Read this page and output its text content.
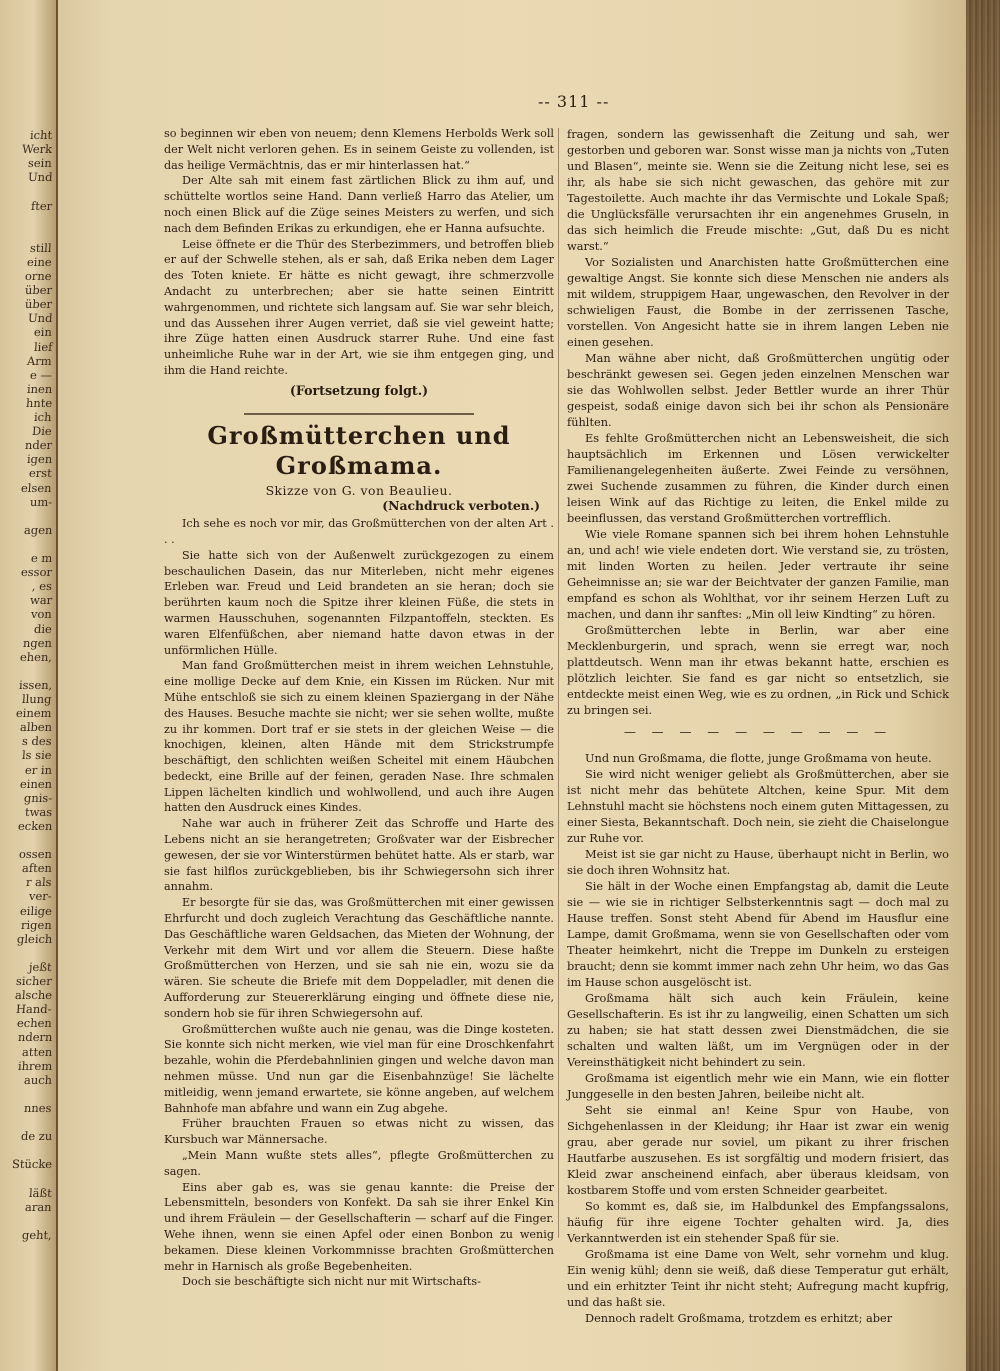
icht
Werk
sein
Und
fter
still
eine
orne
über
über
Und
ein
lief
Arm
e —
inen
hnte
ich
Die
nder
igen
erst
elsen
um-
agen
e m
essor
, es
war
von
die
ngen
ehen,
issen,
llung
einem
alben
s des
ls sie
er in
einen
gnis-
twas
ecken
ossen
aften
r als
ver-
eilige
rigen
gleich
jeßt
sicher
alsche
Hand-
echen
ndern
atten
ihrem
auch
nnes
de zu
Stücke
läßt
aran
geht,
-- 311 --

so beginnen wir eben von neuem; denn Klemens Herbolds Werk soll der Welt nicht verloren gehen. Es in seinem Geiste zu vollenden, ist das heilige Vermächtnis, das er mir hinterlassen hat.“

Der Alte sah mit einem fast zärtlichen Blick zu ihm auf, und schüttelte wortlos seine Hand. Dann verließ Harro das Atelier, um noch einen Blick auf die Züge seines Meisters zu werfen, und sich nach dem Befinden Erikas zu erkundigen, ehe er Hanna aufsuchte.

Leise öffnete er die Thür des Sterbezimmers, und betroffen blieb er auf der Schwelle stehen, als er sah, daß Erika neben dem Lager des Toten kniete. Er hätte es nicht gewagt, ihre schmerzvolle Andacht zu unterbrechen; aber sie hatte seinen Eintritt wahrgenommen, und richtete sich langsam auf. Sie war sehr bleich, und das Aussehen ihrer Augen verriet, daß sie viel geweint hatte; ihre Züge hatten einen Ausdruck starrer Ruhe. Und eine fast unheimliche Ruhe war in der Art, wie sie ihm entgegen ging, und ihm die Hand reichte.

(Fortsetzung folgt.)
Großmütterchen und Großmama.

Skizze von G. von Beaulieu.

(Nachdruck verboten.)

Ich sehe es noch vor mir, das Großmütterchen von der alten Art . . .

Sie hatte sich von der Außenwelt zurückgezogen zu einem beschaulichen Dasein, das nur Miterleben, nicht mehr eigenes Erleben war. Freud und Leid brandeten an sie heran; doch sie berührten kaum noch die Spitze ihrer kleinen Füße, die stets in warmen Hausschuhen, sogenannten Filzpantoffeln, steckten. Es waren Elfenfüßchen, aber niemand hatte davon etwas in der unförmlichen Hülle.

Man fand Großmütterchen meist in ihrem weichen Lehnstuhle, eine mollige Decke auf dem Knie, ein Kissen im Rücken. Nur mit Mühe entschloß sie sich zu einem kleinen Spaziergang in der Nähe des Hauses. Besuche machte sie nicht; wer sie sehen wollte, mußte zu ihr kommen. Dort traf er sie stets in der gleichen Weise — die knochigen, kleinen, alten Hände mit dem Strickstrumpfe beschäftigt, den schlichten weißen Scheitel mit einem Häubchen bedeckt, eine Brille auf der feinen, geraden Nase. Ihre schmalen Lippen lächelten kindlich und wohlwollend, und auch ihre Augen hatten den Ausdruck eines Kindes.

Nahe war auch in früherer Zeit das Schroffe und Harte des Lebens nicht an sie herangetreten; Großvater war der Eisbrecher gewesen, der sie vor Winterstürmen behütet hatte. Als er starb, war sie fast hilflos zurückgeblieben, bis ihr Schwiegersohn sich ihrer annahm.

Er besorgte für sie das, was Großmütterchen mit einer gewissen Ehrfurcht und doch zugleich Verachtung das Geschäftliche nannte. Das Geschäftliche waren Geldsachen, das Mieten der Wohnung, der Verkehr mit dem Wirt und vor allem die Steuern. Diese haßte Großmütterchen von Herzen, und sie sah nie ein, wozu sie da wären. Sie scheute die Briefe mit dem Doppeladler, mit denen die Aufforderung zur Steuererklärung einging und öffnete diese nie, sondern hob sie für ihren Schwiegersohn auf.

Großmütterchen wußte auch nie genau, was die Dinge kosteten. Sie konnte sich nicht merken, wie viel man für eine Droschkenfahrt bezahle, wohin die Pferdebahnlinien gingen und welche davon man nehmen müsse. Und nun gar die Eisenbahnzüge! Sie lächelte mitleidig, wenn jemand erwartete, sie könne angeben, auf welchem Bahnhofe man abfahre und wann ein Zug abgehe.

Früher brauchten Frauen so etwas nicht zu wissen, das Kursbuch war Männersache.

„Mein Mann wußte stets alles“, pflegte Großmütterchen zu sagen.

Eins aber gab es, was sie genau kannte: die Preise der Lebensmitteln, besonders von Konfekt. Da sah sie ihrer Enkel Kin und ihrem Fräulein — der Gesellschafterin — scharf auf die Finger. Wehe ihnen, wenn sie einen Apfel oder einen Bonbon zu wenig bekamen. Diese kleinen Vorkommnisse brachten Großmütterchen mehr in Harnisch als große Begebenheiten.

Doch sie beschäftigte sich nicht nur mit Wirtschafts-

fragen, sondern las gewissenhaft die Zeitung und sah, wer gestorben und geboren war. Sonst wisse man ja nichts von „Tuten und Blasen“, meinte sie. Wenn sie die Zeitung nicht lese, sei es ihr, als habe sie sich nicht gewaschen, das gehöre mit zur Tagestoilette. Auch machte ihr das Vermischte und Lokale Spaß; die Unglücksfälle verursachten ihr ein angenehmes Gruseln, in das sich heimlich die Freude mischte: „Gut, daß Du es nicht warst.“

Vor Sozialisten und Anarchisten hatte Großmütterchen eine gewaltige Angst. Sie konnte sich diese Menschen nie anders als mit wildem, struppigem Haar, ungewaschen, den Revolver in der schwieligen Faust, die Bombe in der zerrissenen Tasche, vorstellen. Von Angesicht hatte sie in ihrem langen Leben nie einen gesehen.

Man wähne aber nicht, daß Großmütterchen ungütig oder beschränkt gewesen sei. Gegen jeden einzelnen Menschen war sie das Wohlwollen selbst. Jeder Bettler wurde an ihrer Thür gespeist, sodaß einige davon sich bei ihr schon als Pensionäre fühlten.

Es fehlte Großmütterchen nicht an Lebensweisheit, die sich hauptsächlich im Erkennen und Lösen verwickelter Familienangelegenheiten äußerte. Zwei Feinde zu versöhnen, zwei Suchende zusammen zu führen, die Kinder durch einen leisen Wink auf das Richtige zu leiten, die Enkel milde zu beeinflussen, das verstand Großmütterchen vortrefflich.

Wie viele Romane spannen sich bei ihrem hohen Lehnstuhle an, und ach! wie viele endeten dort. Wie verstand sie, zu trösten, mit linden Worten zu heilen. Jeder vertraute ihr seine Geheimnisse an; sie war der Beichtvater der ganzen Familie, man empfand es schon als Wohlthat, vor ihr seinem Herzen Luft zu machen, und dann ihr sanftes: „Min oll leiw Kindting“ zu hören.

Großmütterchen lebte in Berlin, war aber eine Mecklenburgerin, und sprach, wenn sie erregt war, noch plattdeutsch. Wenn man ihr etwas bekannt hatte, erschien es plötzlich leichter. Sie fand es gar nicht so entsetzlich, sie entdeckte meist einen Weg, wie es zu ordnen, „in Rick und Schick zu bringen sei.

— — — — — — — — — —

Und nun Großmama, die flotte, junge Großmama von heute.

Sie wird nicht weniger geliebt als Großmütterchen, aber sie ist nicht mehr das behütete Altchen, keine Spur. Mit dem Lehnstuhl macht sie höchstens noch einem guten Mittagessen, zu einer Siesta, Bekanntschaft. Doch nein, sie zieht die Chaiselongue zur Ruhe vor.

Meist ist sie gar nicht zu Hause, überhaupt nicht in Berlin, wo sie doch ihren Wohnsitz hat.

Sie hält in der Woche einen Empfangstag ab, damit die Leute sie — wie sie in richtiger Selbsterkenntnis sagt — doch mal zu Hause treffen. Sonst steht Abend für Abend im Hausflur eine Lampe, damit Großmama, wenn sie von Gesellschaften oder vom Theater heimkehrt, nicht die Treppe im Dunkeln zu ersteigen braucht; denn sie kommt immer nach zehn Uhr heim, wo das Gas im Hause schon ausgelöscht ist.

Großmama hält sich auch kein Fräulein, keine Gesellschafterin. Es ist ihr zu langweilig, einen Schatten um sich zu haben; sie hat statt dessen zwei Dienstmädchen, die sie schalten und walten läßt, um im Vergnügen oder in der Vereinsthätigkeit nicht behindert zu sein.

Großmama ist eigentlich mehr wie ein Mann, wie ein flotter Junggeselle in den besten Jahren, beileibe nicht alt.

Seht sie einmal an! Keine Spur von Haube, von Sichgehenlassen in der Kleidung; ihr Haar ist zwar ein wenig grau, aber gerade nur soviel, um pikant zu ihrer frischen Hautfarbe auszusehen. Es ist sorgfältig und modern frisiert, das Kleid zwar anscheinend einfach, aber überaus kleidsam, von kostbarem Stoffe und vom ersten Schneider gearbeitet.

So kommt es, daß sie, im Halbdunkel des Empfangssalons, häufig für ihre eigene Tochter gehalten wird. Ja, dies Verkanntwerden ist ein stehender Spaß für sie.

Großmama ist eine Dame von Welt, sehr vornehm und klug. Ein wenig kühl; denn sie weiß, daß diese Temperatur gut erhält, und ein erhitzter Teint ihr nicht steht; Aufregung macht kupfrig, und das haßt sie.

Dennoch radelt Großmama, trotzdem es erhitzt; aber
